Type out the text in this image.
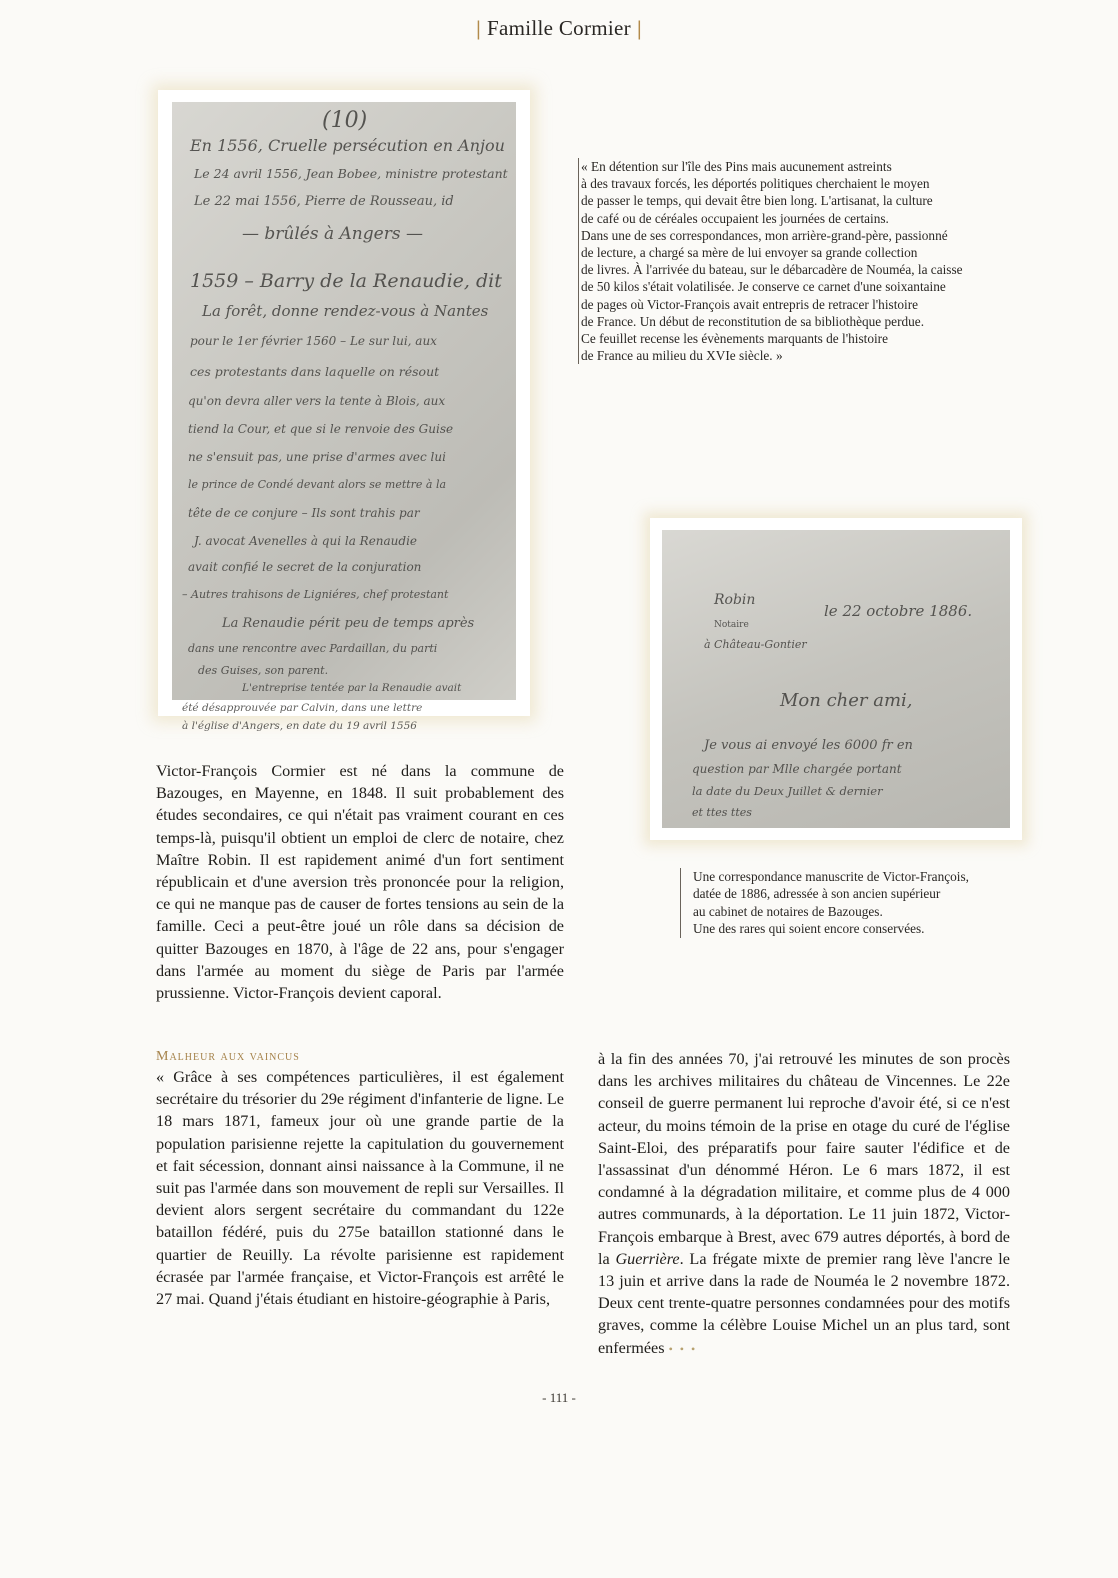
| Famille Cormier |
(10)
En 1556, Cruelle persécution en Anjou
Le 24 avril 1556, Jean Bobee, ministre protestant
Le 22 mai 1556, Pierre de Rousseau, id
— brûlés à Angers —
1559 – Barry de la Renaudie, dit
La forêt, donne rendez-vous à Nantes
pour le 1er février 1560 – Le sur lui, aux
ces protestants dans laquelle on résout
qu'on devra aller vers la tente à Blois, aux
tiend la Cour, et que si le renvoie des Guise
ne s'ensuit pas, une prise d'armes avec lui
le prince de Condé devant alors se mettre à la
tête de ce conjure – Ils sont trahis par
J. avocat Avenelles à qui la Renaudie
avait confié le secret de la conjuration
– Autres trahisons de Ligniéres, chef protestant
La Renaudie périt peu de temps après
dans une rencontre avec Pardaillan, du parti
des Guises, son parent.
L'entreprise tentée par la Renaudie avait
été désapprouvée par Calvin, dans une lettre
à l'église d'Angers, en date du 19 avril 1556

« En détention sur l'île des Pins mais aucunement astreints

à des travaux forcés, les déportés politiques cherchaient le moyen

de passer le temps, qui devait être bien long. L'artisanat, la culture

de café ou de céréales occupaient les journées de certains.

Dans une de ses correspondances, mon arrière-grand-père, passionné

de lecture, a chargé sa mère de lui envoyer sa grande collection

de livres. À l'arrivée du bateau, sur le débarcadère de Nouméa, la caisse

de 50 kilos s'était volatilisée. Je conserve ce carnet d'une soixantaine

de pages où Victor-François avait entrepris de retracer l'histoire

de France. Un début de reconstitution de sa bibliothèque perdue.

Ce feuillet recense les évènements marquants de l'histoire

de France au milieu du XVIe siècle. »

Robin
le 22 octobre 1886.
Notaire
à Château-Gontier
Mon cher ami,
Je vous ai envoyé les 6000 fr en
question par Mlle chargée portant
la date du Deux Juillet & dernier
et ttes ttes

Une correspondance manuscrite de Victor-François,

datée de 1886, adressée à son ancien supérieur

au cabinet de notaires de Bazouges.

Une des rares qui soient encore conservées.

Victor-François Cormier est né dans la commune de Bazouges, en Mayenne, en 1848. Il suit probablement des études secondaires, ce qui n'était pas vraiment courant en ces temps-là, puisqu'il obtient un emploi de clerc de notaire, chez Maître Robin. Il est rapidement animé d'un fort sentiment républicain et d'une aversion très prononcée pour la religion, ce qui ne manque pas de causer de fortes tensions au sein de la famille. Ceci a peut-être joué un rôle dans sa décision de quitter Bazouges en 1870, à l'âge de 22 ans, pour s'engager dans l'armée au moment du siège de Paris par l'armée prussienne. Victor-François devient caporal.

Malheur aux vaincus

« Grâce à ses compétences particulières, il est également secrétaire du trésorier du 29e régiment d'infanterie de ligne. Le 18 mars 1871, fameux jour où une grande partie de la population parisienne rejette la capitulation du gouvernement et fait sécession, donnant ainsi naissance à la Commune, il ne suit pas l'armée dans son mouvement de repli sur Versailles. Il devient alors sergent secrétaire du commandant du 122e bataillon fédéré, puis du 275e bataillon stationné dans le quartier de Reuilly. La révolte parisienne est rapidement écrasée par l'armée française, et Victor-François est arrêté le 27 mai. Quand j'étais étudiant en histoire-géographie à Paris,

à la fin des années 70, j'ai retrouvé les minutes de son procès dans les archives militaires du château de Vincennes. Le 22e conseil de guerre permanent lui reproche d'avoir été, si ce n'est acteur, du moins témoin de la prise en otage du curé de l'église Saint-Eloi, des préparatifs pour faire sauter l'édifice et de l'assassinat d'un dénommé Héron. Le 6 mars 1872, il est condamné à la dégradation militaire, et comme plus de 4 000 autres communards, à la déportation. Le 11 juin 1872, Victor-François embarque à Brest, avec 679 autres déportés, à bord de la Guerrière. La frégate mixte de premier rang lève l'ancre le 13 juin et arrive dans la rade de Nouméa le 2 novembre 1872. Deux cent trente-quatre personnes condamnées pour des motifs graves, comme la célèbre Louise Michel un an plus tard, sont enfermées • • •

- 111 -
